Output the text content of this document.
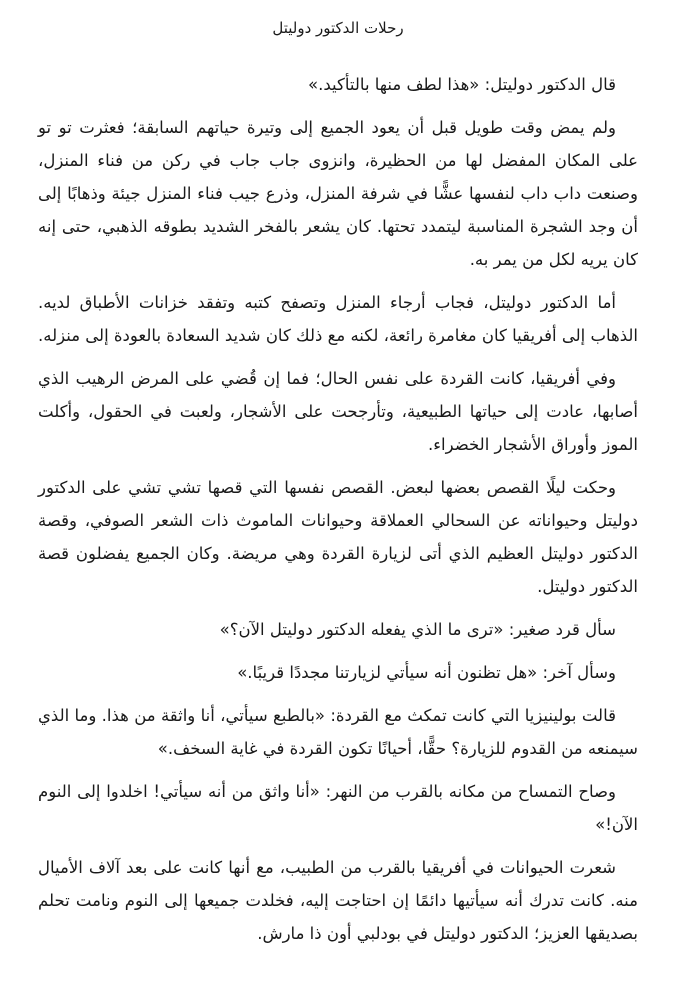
رحلات الدكتور دوليتل

قال الدكتور دوليتل: «هذا لطف منها بالتأكيد.»

ولم يمض وقت طويل قبل أن يعود الجميع إلى وتيرة حياتهم السابقة؛ فعثرت تو تو على المكان المفضل لها من الحظيرة، وانزوى جاب جاب في ركن من فناء المنزل، وصنعت داب داب لنفسها عشًّا في شرفة المنزل، وذرع جيب فناء المنزل جيئة وذهابًا إلى أن وجد الشجرة المناسبة ليتمدد تحتها. كان يشعر بالفخر الشديد بطوقه الذهبي، حتى إنه كان يريه لكل من يمر به.

أما الدكتور دوليتل، فجاب أرجاء المنزل وتصفح كتبه وتفقد خزانات الأطباق لديه. الذهاب إلى أفريقيا كان مغامرة رائعة، لكنه مع ذلك كان شديد السعادة بالعودة إلى منزله.

وفي أفريقيا، كانت القردة على نفس الحال؛ فما إن قُضي على المرض الرهيب الذي أصابها، عادت إلى حياتها الطبيعية، وتأرجحت على الأشجار، ولعبت في الحقول، وأكلت الموز وأوراق الأشجار الخضراء.

وحكت ليلًا القصص بعضها لبعض. القصص نفسها التي قصها تشي تشي على الدكتور دوليتل وحيواناته عن السحالي العملاقة وحيوانات الماموث ذات الشعر الصوفي، وقصة الدكتور دوليتل العظيم الذي أتى لزيارة القردة وهي مريضة. وكان الجميع يفضلون قصة الدكتور دوليتل.

سأل قرد صغير: «ترى ما الذي يفعله الدكتور دوليتل الآن؟»

وسأل آخر: «هل تظنون أنه سيأتي لزيارتنا مجددًا قريبًا.»

قالت بولينيزيا التي كانت تمكث مع القردة: «بالطبع سيأتي، أنا واثقة من هذا. وما الذي سيمنعه من القدوم للزيارة؟ حقًّا، أحيانًا تكون القردة في غاية السخف.»

وصاح التمساح من مكانه بالقرب من النهر: «أنا واثق من أنه سيأتي! اخلدوا إلى النوم الآن!»

شعرت الحيوانات في أفريقيا بالقرب من الطبيب، مع أنها كانت على بعد آلاف الأميال منه. كانت تدرك أنه سيأتيها دائمًا إن احتاجت إليه، فخلدت جميعها إلى النوم ونامت تحلم بصديقها العزيز؛ الدكتور دوليتل في بودلبي أون ذا مارش.
